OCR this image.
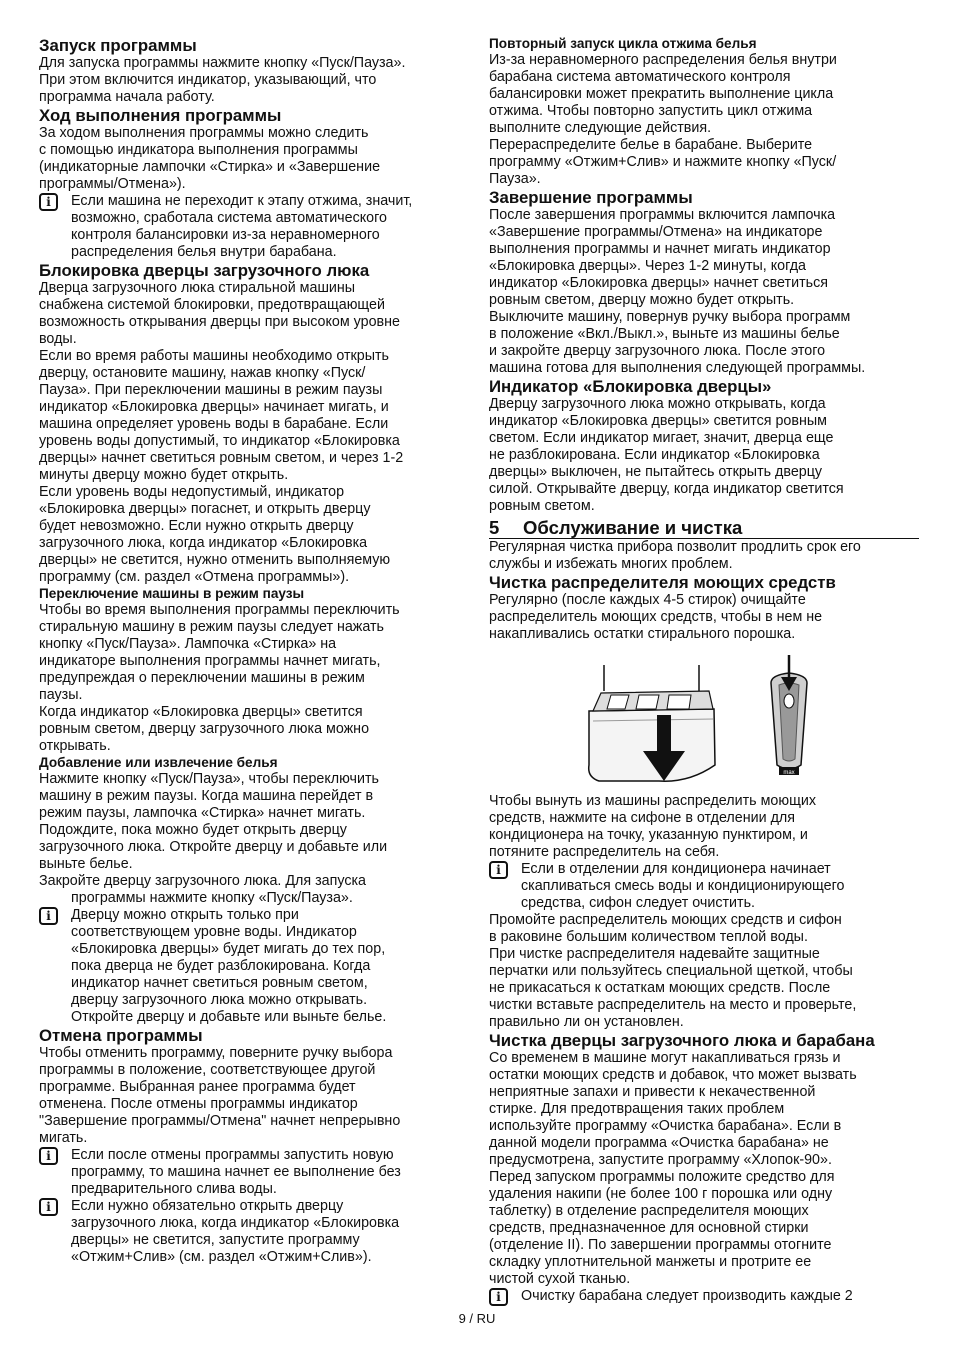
Запуск программы

Для запуска программы нажмите кнопку «Пуск/Пауза».

При этом включится индикатор, указывающий, что

программа начала работу.

Ход выполнения программы

За ходом выполнения программы можно следить

с помощью индикатора выполнения программы

(индикаторные лампочки «Стирка» и «Завершение

программы/Отмена»).

i	Если машина не переходит к этапу отжима, значит,

возможно, сработала система автоматического

контроля балансировки из-за неравномерного

распределения белья внутри барабана.

Блокировка дверцы загрузочного люка

Дверца загрузочного люка стиральной машины

снабжена системой блокировки, предотвращающей

возможность открывания дверцы при высоком уровне

воды.

Если во время работы машины необходимо открыть

дверцу, остановите машину, нажав кнопку «Пуск/

Пауза». При переключении машины в режим паузы

индикатор «Блокировка дверцы» начинает мигать, и

машина определяет уровень воды в барабане. Если

уровень воды допустимый, то индикатор «Блокировка

дверцы» начнет светиться ровным светом, и через 1-2

минуты дверцу можно будет открыть.

Если уровень воды недопустимый, индикатор

«Блокировка дверцы» погаснет, и открыть дверцу

будет невозможно. Если нужно открыть дверцу

загрузочного люка, когда индикатор «Блокировка

дверцы» не светится, нужно отменить выполняемую

программу (см. раздел «Отмена программы»).

Переключение машины в режим паузы

Чтобы во время выполнения программы переключить

стиральную машину в режим паузы следует нажать

кнопку «Пуск/Пауза». Лампочка «Стирка» на

индикаторе выполнения программы начнет мигать,

предупреждая о переключении машины в режим

паузы.

Когда индикатор «Блокировка дверцы» светится

ровным светом, дверцу загрузочного люка можно

открывать.

Добавление или извлечение белья

Нажмите кнопку «Пуск/Пауза», чтобы переключить

машину в режим паузы. Когда машина перейдет в

режим паузы, лампочка «Стирка» начнет мигать.

Подождите, пока можно будет открыть дверцу

загрузочного люка. Откройте дверцу и добавьте или

выньте белье.

Закройте дверцу загрузочного люка. Для запуска

программы нажмите кнопку «Пуск/Пауза».

i	Дверцу можно открыть только при

соответствующем уровне воды. Индикатор

«Блокировка дверцы» будет мигать до тех пор,

пока дверца не будет разблокирована. Когда

индикатор начнет светиться ровным светом,

дверцу загрузочного люка можно открывать.

Откройте дверцу и добавьте или выньте белье.

Отмена программы

Чтобы отменить программу, поверните ручку выбора

программы в положение, соответствующее другой

программе. Выбранная ранее программа будет

отменена. После отмены программы индикатор

"Завершение программы/Отмена" начнет непрерывно

мигать.

i	Если после отмены программы запустить новую

программу, то машина начнет ее выполнение без

предварительного слива воды.

i	Если нужно обязательно открыть дверцу

загрузочного люка, когда индикатор «Блокировка

дверцы» не светится, запустите программу

«Отжим+Слив» (см. раздел «Отжим+Слив»).

Повторный запуск цикла отжима белья

Из-за неравномерного распределения белья внутри

барабана система автоматического контроля

балансировки может прекратить выполнение цикла

отжима. Чтобы повторно запустить цикл отжима

выполните следующие действия.

Перераспределите белье в барабане. Выберите

программу «Отжим+Слив» и нажмите кнопку «Пуск/

Пауза».

Завершение программы

После завершения программы включится лампочка

«Завершение программы/Отмена» на индикаторе

выполнения программы и начнет мигать индикатор

«Блокировка дверцы». Через 1-2 минуты, когда

индикатор «Блокировка дверцы» начнет светиться

ровным светом, дверцу можно будет открыть.

Выключите машину, повернув ручку выбора программ

в положение «Вкл./Выкл.», выньте из машины белье

и закройте дверцу загрузочного люка. После этого

машина готова для выполнения следующей программы.

Индикатор «Блокировка дверцы»

Дверцу загрузочного люка можно открывать, когда

индикатор «Блокировка дверцы» светится ровным

светом. Если индикатор мигает, значит, дверца еще

не разблокирована. Если индикатор «Блокировка

дверцы» выключен, не пытайтесь открыть дверцу

силой. Открывайте дверцу, когда индикатор светится

ровным светом.

5 Обслуживание и чистка

Регулярная чистка прибора позволит продлить срок его

службы и избежать многих проблем.

Чистка распределителя моющих средств

Регулярно (после каждых 4-5 стирок) очищайте

распределитель моющих средств, чтобы в нем не

накапливались остатки стирального порошка.

max

Чтобы вынуть из машины распределить моющих

средств, нажмите на сифоне в отделении для

кондиционера на точку, указанную пунктиром, и

потяните распределитель на себя.

i	Если в отделении для кондиционера начинает

скапливаться смесь воды и кондиционирующего

средства, сифон следует очистить.

Промойте распределитель моющих средств и сифон

в раковине большим количеством теплой воды.

При чистке распределителя надевайте защитные

перчатки или пользуйтесь специальной щеткой, чтобы

не прикасаться к остаткам моющих средств. После

чистки вставьте распределитель на место и проверьте,

правильно ли он установлен.

Чистка дверцы загрузочного люка и барабана

Со временем в машине могут накапливаться грязь и

остатки моющих средств и добавок, что может вызвать

неприятные запахи и привести к некачественной

стирке. Для предотвращения таких проблем

используйте программу «Очистка барабана». Если в

данной модели программа «Очистка барабана» не

предусмотрена, запустите программу «Хлопок-90».

Перед запуском программы положите средство для

удаления накипи (не более 100 г порошка или одну

таблетку) в отделение распределителя моющих

средств, предназначенное для основной стирки

(отделение II). По завершении программы отогните

складку уплотнительной манжеты и протрите ее

чистой сухой тканью.

i	Очистку барабана следует производить каждые 2

9 / RU
